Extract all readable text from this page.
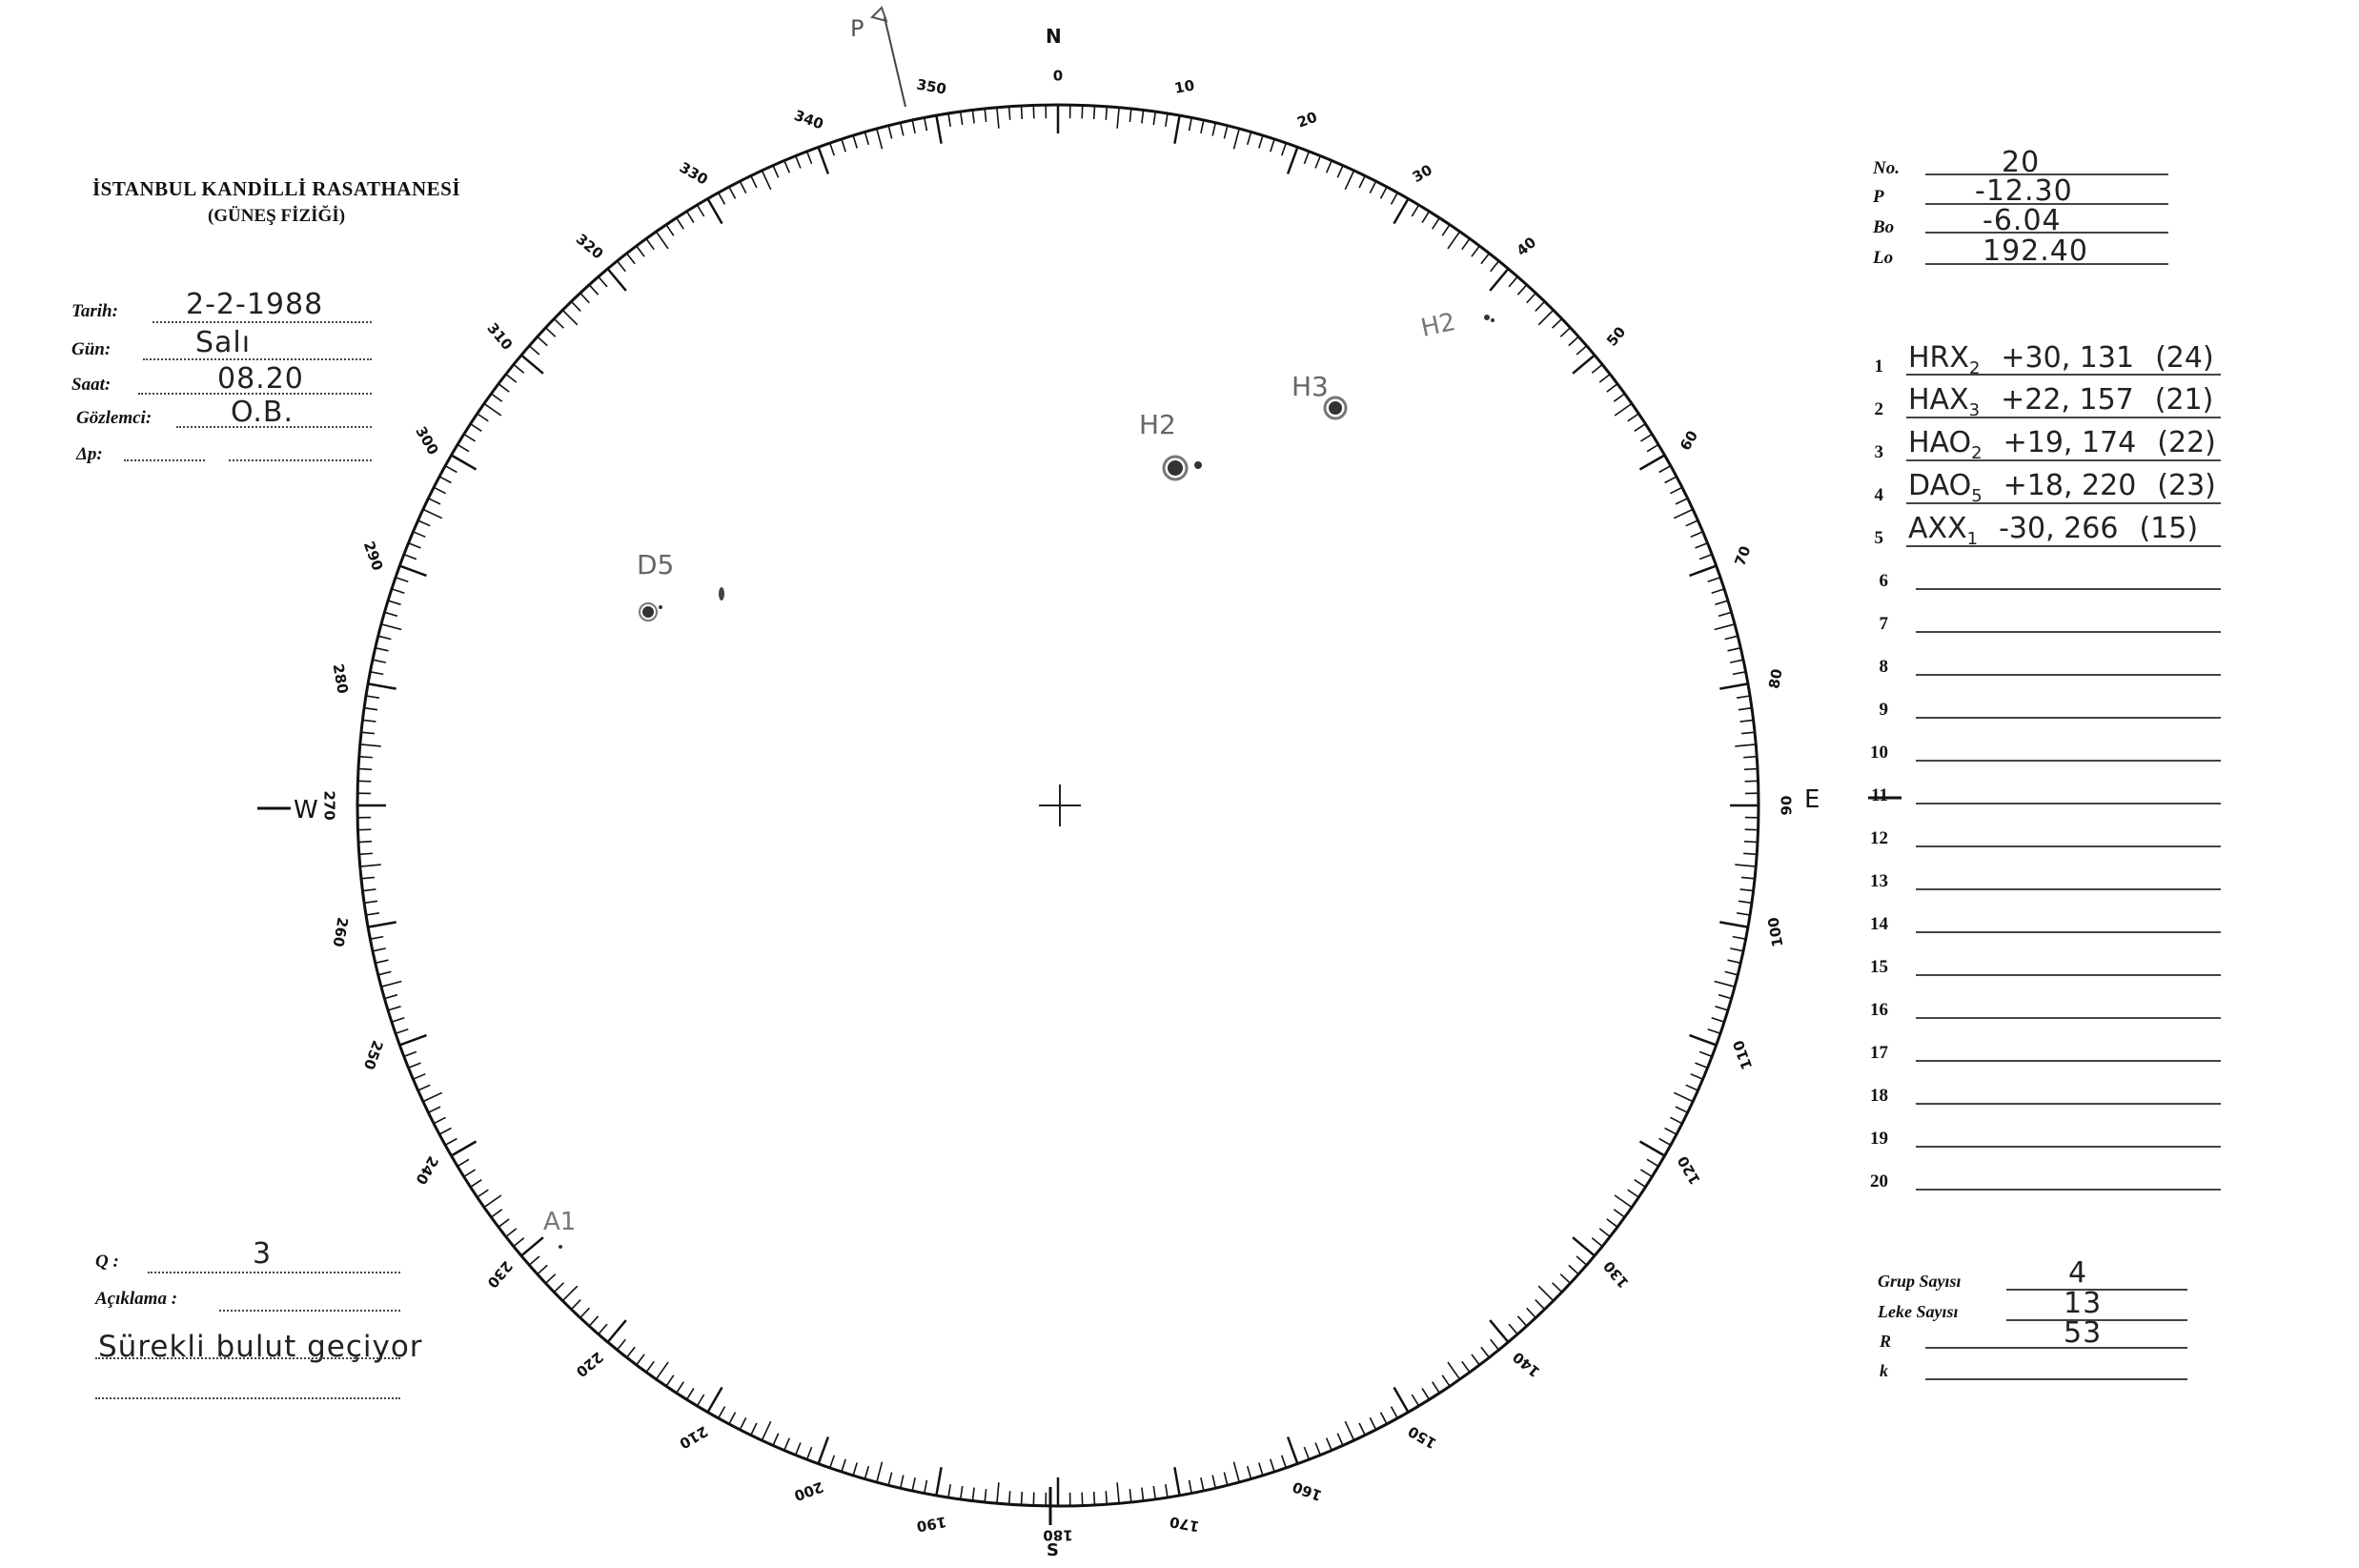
İSTANBUL KANDİLLİ RASATHANESİ
(GÜNEŞ FİZİĞİ)
Tarih: 2-2-1988
Gün:	Salı
Saat:	08.20
Gözlemci:	O.B.
Δp:
No.	20
P	-12.30
Bo	-6.04
Lo	192.40
1 $HRX_2 +30$, 131 (24)
2 $HAX_3 +22$, 157 (21)
3 $HAO_2 +19$, 174 (22)
4 $DAO_5 +18$, 220 (23)
5 $AXX_1$ -30, 266 (15)
6
7
8
9
10
11
12
13
14
15
16
17
18
19
20
Q :	3
Açıklama :
Sürekli bulut geçiyor
Grup Sayısı	4
Leke Sayısı	13
R	53
k
0
10
20
30
40
50
60
70
80
90
100
110
120
130
140
150
160
170
180
190
200
210
220
230
240
250
260
270
280
290
300
310
320
330
340
350
W	E
N
S
P
H2
H3
H2
D5
A1
